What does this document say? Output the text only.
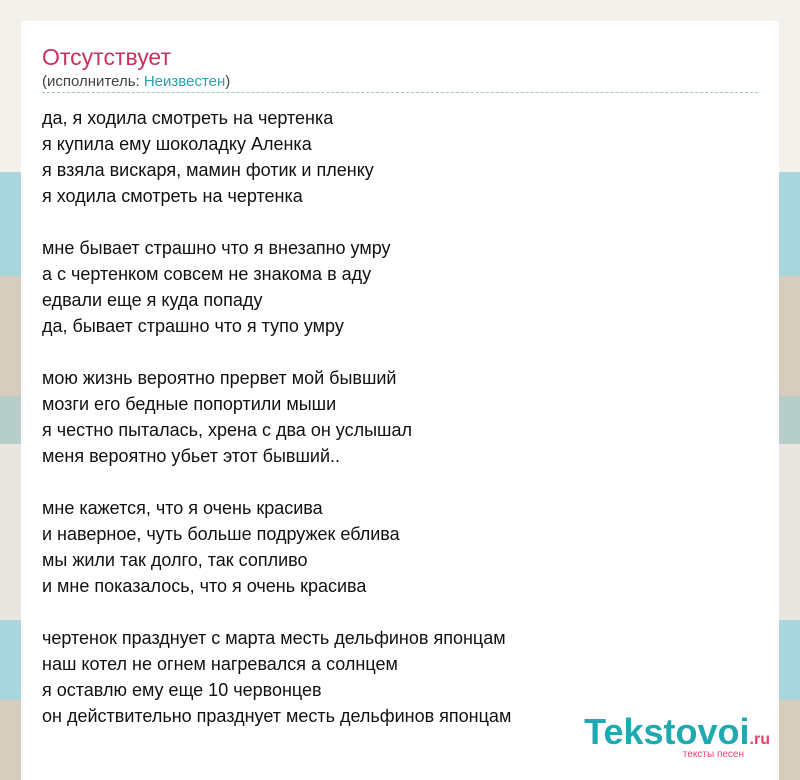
Отсутствует
(исполнитель: Неизвестен)
да, я ходила смотреть на чертенка
я купила ему шоколадку Аленка
я взяла вискаря, мамин фотик и пленку
я ходила смотреть на чертенка
мне бывает страшно что я внезапно умру
а с чертенком совсем не знакома в аду
едвали еще я куда попаду
да, бывает страшно что я тупо умру
мою жизнь вероятно прервет мой бывший
мозги его бедные попортили мыши
я честно пыталась, хрена с два он услышал
меня вероятно убьет этот бывший..
мне кажется, что я очень красива
и наверное, чуть больше подружек еблива
мы жили так долго, так сопливо
и мне показалось, что я очень красива
чертенок празднует с марта месть дельфинов японцам
наш котел не огнем нагревался а солнцем
я оставлю ему еще 10 червонцев
он действительно празднует месть дельфинов японцам	Tekstovoi.ru
тексты песен
